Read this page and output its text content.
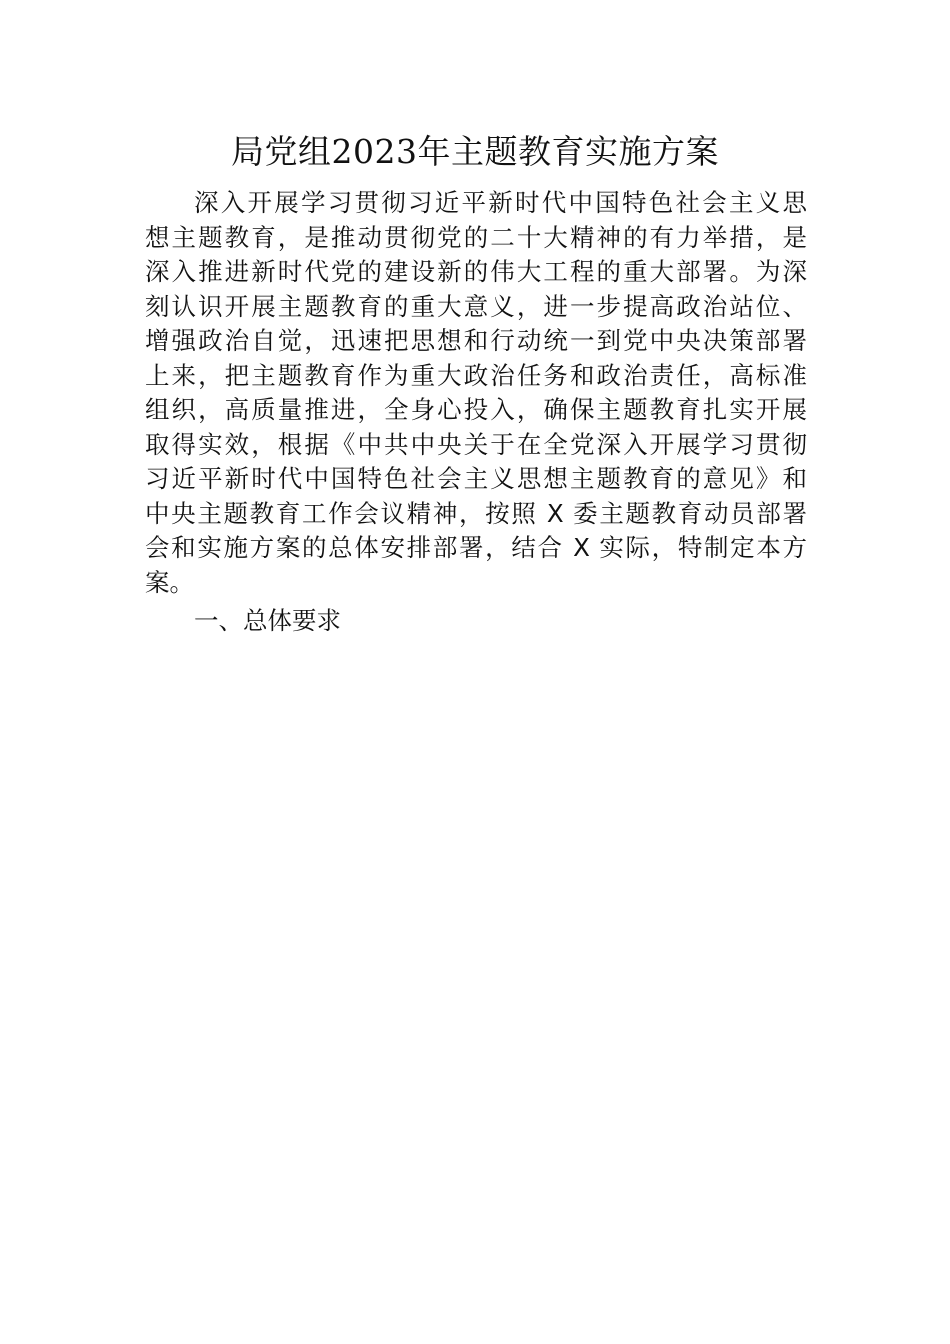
局党组2023年主题教育实施方案
深入开展学习贯彻习近平新时代中国特色社会主义思
想主题教育，是推动贯彻党的二十大精神的有力举措，是
深入推进新时代党的建设新的伟大工程的重大部署。为深
刻认识开展主题教育的重大意义，进一步提高政治站位、
增强政治自觉，迅速把思想和行动统一到党中央决策部署
上来，把主题教育作为重大政治任务和政治责任，高标准
组织，高质量推进，全身心投入，确保主题教育扎实开展
取得实效，根据《中共中央关于在全党深入开展学习贯彻
习近平新时代中国特色社会主义思想主题教育的意见》和
中央主题教育工作会议精神，按照 X 委主题教育动员部署
会和实施方案的总体安排部署，结合 X 实际，特制定本方
案。
一、总体要求
